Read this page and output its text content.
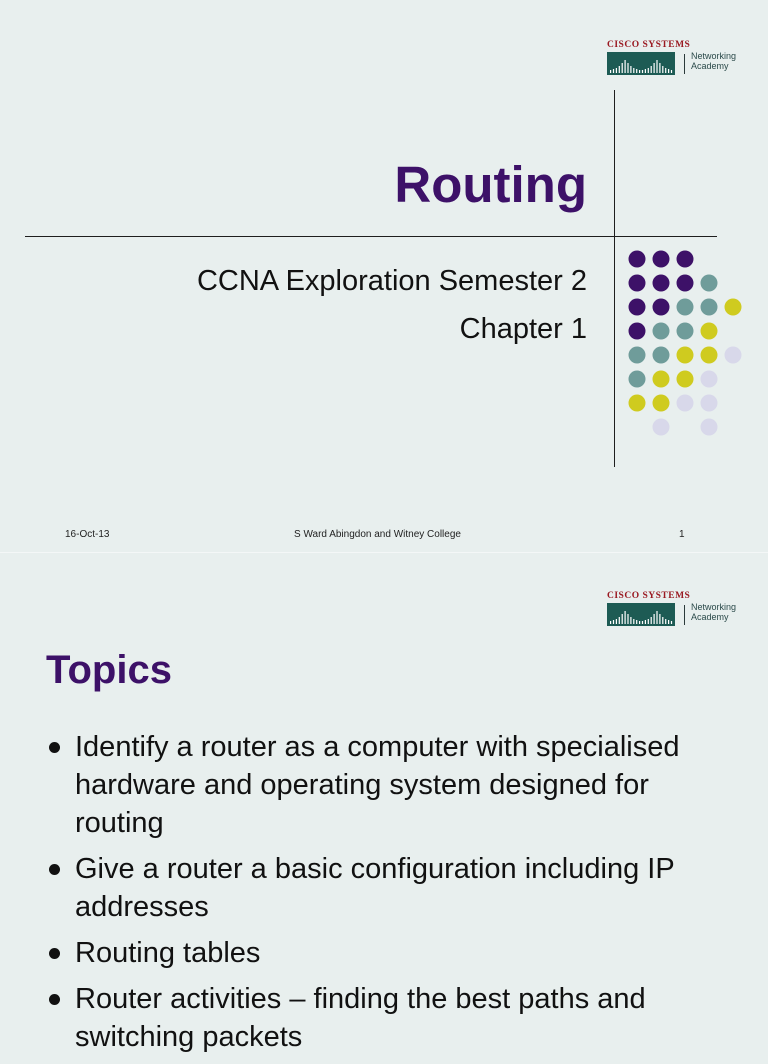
CISCO SYSTEMS
Networking
Academy
Routing
CCNA Exploration Semester 2
Chapter 1
16-Oct-13	S Ward Abingdon and Witney College	1
CISCO SYSTEMS
Networking
Academy
Topics
Identify a router as a computer with specialised hardware and operating system designed for routing
Give a router a basic configuration including IP addresses
Routing tables
Router activities – finding the best paths and switching packets
